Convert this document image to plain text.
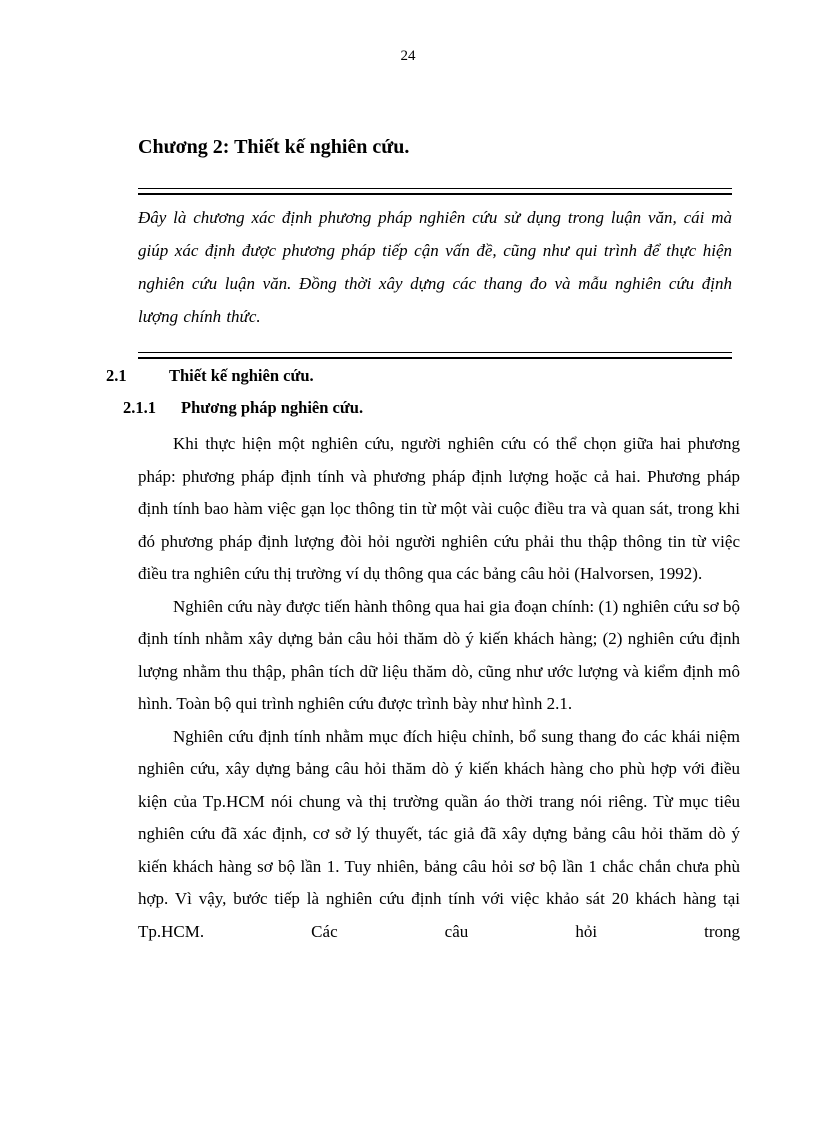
24
Chương 2: Thiết kế nghiên cứu.

Đây là chương xác định phương pháp nghiên cứu sử dụng trong luận văn, cái mà giúp xác định được phương pháp tiếp cận vấn đề, cũng như qui trình để thực hiện nghiên cứu luận văn. Đồng thời xây dựng các thang đo và mẫu nghiên cứu định lượng chính thức.

2.1	Thiết kế nghiên cứu.
2.1.1 Phương pháp nghiên cứu.

Khi thực hiện một nghiên cứu, người nghiên cứu có thể chọn giữa hai phương pháp: phương pháp định tính và phương pháp định lượng hoặc cả hai. Phương pháp định tính bao hàm việc gạn lọc thông tin từ một vài cuộc điều tra và quan sát, trong khi đó phương pháp định lượng đòi hỏi người nghiên cứu phải thu thập thông tin từ việc điều tra nghiên cứu thị trường ví dụ thông qua các bảng câu hỏi (Halvorsen, 1992).

Nghiên cứu này được tiến hành thông qua hai gia đoạn chính: (1) nghiên cứu sơ bộ định tính nhằm xây dựng bản câu hỏi thăm dò ý kiến khách hàng; (2) nghiên cứu định lượng nhằm thu thập, phân tích dữ liệu thăm dò, cũng như ước lượng và kiểm định mô hình. Toàn bộ qui trình nghiên cứu được trình bày như hình 2.1.

Nghiên cứu định tính nhằm mục đích hiệu chỉnh, bổ sung thang đo các khái niệm nghiên cứu, xây dựng bảng câu hỏi thăm dò ý kiến khách hàng cho phù hợp với điều kiện của Tp.HCM nói chung và thị trường quần áo thời trang nói riêng. Từ mục tiêu nghiên cứu đã xác định, cơ sở lý thuyết, tác giả đã xây dựng bảng câu hỏi thăm dò ý kiến khách hàng sơ bộ lần 1. Tuy nhiên, bảng câu hỏi sơ bộ lần 1 chắc chắn chưa phù hợp. Vì vậy, bước tiếp là nghiên cứu định tính với việc khảo sát 20 khách hàng tại Tp.HCM. Các câu hỏi trong
